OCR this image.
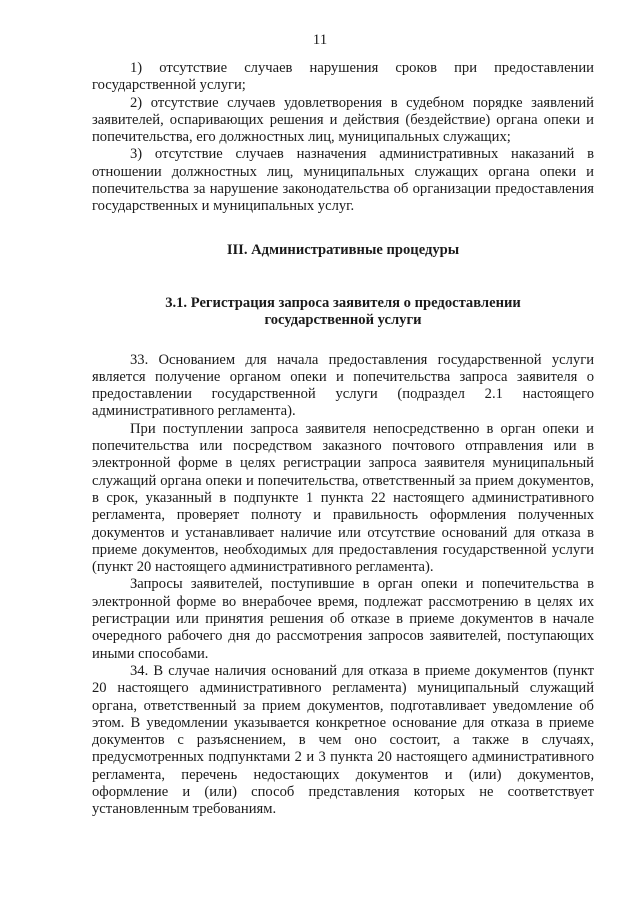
11

1) отсутствие случаев нарушения сроков при предоставлении государственной услуги;

2) отсутствие случаев удовлетворения в судебном порядке заявлений заявителей, оспаривающих решения и действия (бездействие) органа опеки и попечительства, его должностных лиц, муниципальных служащих;

3) отсутствие случаев назначения административных наказаний в отношении должностных лиц, муниципальных служащих органа опеки и попечительства за нарушение законодательства об организации предоставления государственных и муниципальных услуг.

III. Административные процедуры

3.1. Регистрация запроса заявителя о предоставлении
государственной услуги

33. Основанием для начала предоставления государственной услуги является получение органом опеки и попечительства запроса заявителя о предоставлении государственной услуги (подраздел 2.1 настоящего административного регламента).

При поступлении запроса заявителя непосредственно в орган опеки и попечительства или посредством заказного почтового отправления или в электронной форме в целях регистрации запроса заявителя муниципальный служащий органа опеки и попечительства, ответственный за прием документов, в срок, указанный в подпункте 1 пункта 22 настоящего административного регламента, проверяет полноту и правильность оформления полученных документов и устанавливает наличие или отсутствие оснований для отказа в приеме документов, необходимых для предоставления государственной услуги (пункт 20 настоящего административного регламента).

Запросы заявителей, поступившие в орган опеки и попечительства в электронной форме во внерабочее время, подлежат рассмотрению в целях их регистрации или принятия решения об отказе в приеме документов в начале очередного рабочего дня до рассмотрения запросов заявителей, поступающих иными способами.

34. В случае наличия оснований для отказа в приеме документов (пункт 20 настоящего административного регламента) муниципальный служащий органа, ответственный за прием документов, подготавливает уведомление об этом. В уведомлении указывается конкретное основание для отказа в приеме документов с разъяснением, в чем оно состоит, а также в случаях, предусмотренных подпунктами 2 и 3 пункта 20 настоящего административного регламента, перечень недостающих документов и (или) документов, оформление и (или) способ представления которых не соответствует установленным требованиям.
